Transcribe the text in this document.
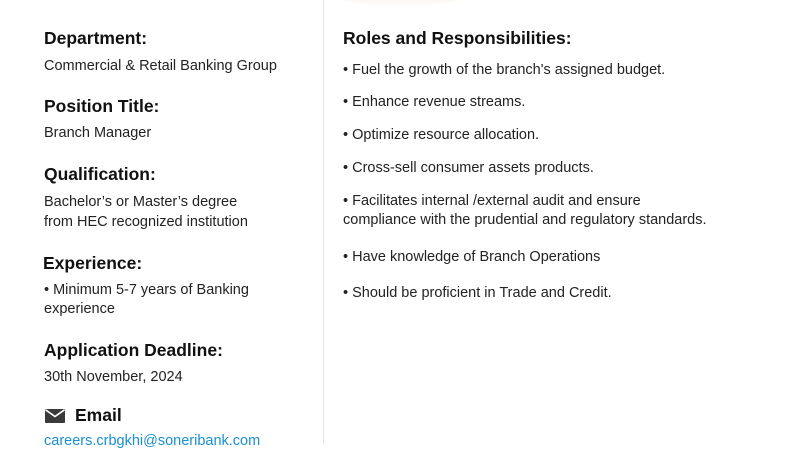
Department:

Commercial & Retail Banking Group

Position Title:

Branch Manager

Qualification:

Bachelor’s or Master’s degree

from HEC recognized institution

Experience:

• Minimum 5-7 years of Banking

experience

Application Deadline:

30th November, 2024

Email
careers.crbgkhi@soneribank.com
Roles and Responsibilities:

• Fuel the growth of the branch's assigned budget.

• Enhance revenue streams.

• Optimize resource allocation.

• Cross-sell consumer assets products.

• Facilitates internal /external audit and ensure

compliance with the prudential and regulatory standards.

• Have knowledge of Branch Operations

• Should be proficient in Trade and Credit.
